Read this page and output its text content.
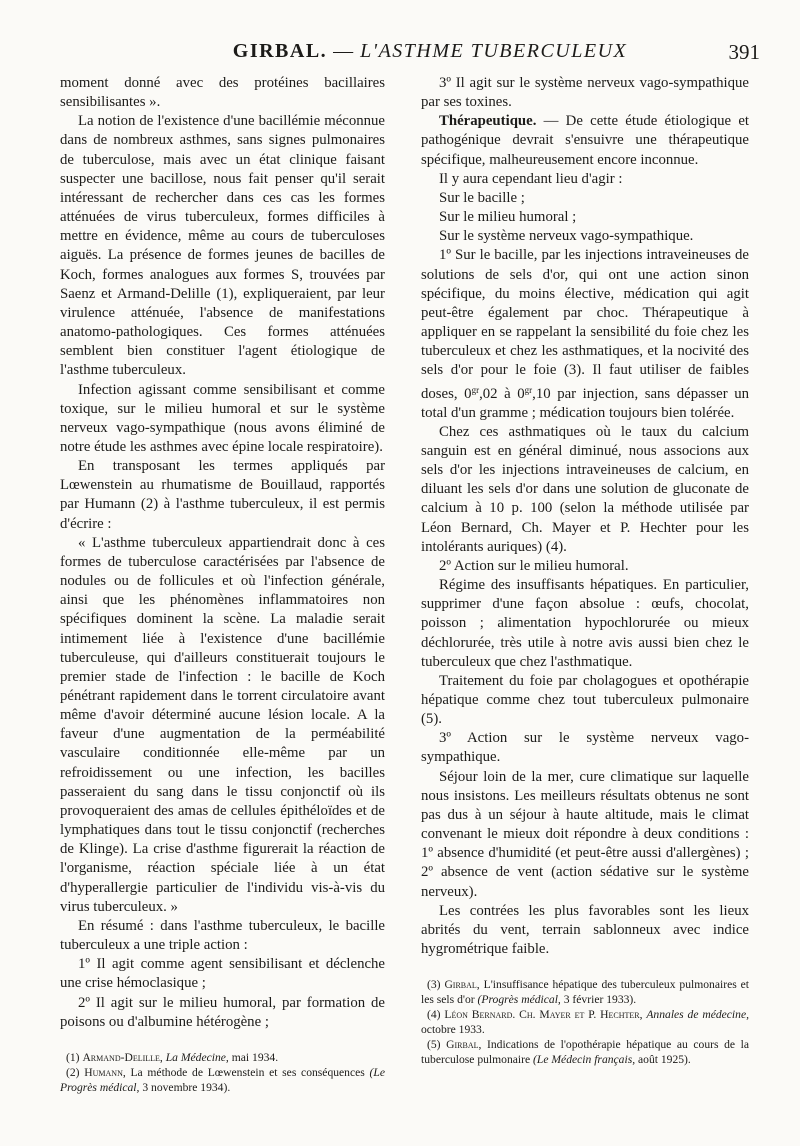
GIRBAL. — L'ASTHME TUBERCULEUX	391

moment donné avec des protéines bacillaires sensibilisantes ».

La notion de l'existence d'une bacillémie méconnue dans de nombreux asthmes, sans signes pulmonaires de tuberculose, mais avec un état clinique faisant suspecter une bacillose, nous fait penser qu'il serait intéressant de rechercher dans ces cas les formes atténuées de virus tuberculeux, formes difficiles à mettre en évidence, même au cours de tuberculoses aiguës. La présence de formes jeunes de bacilles de Koch, formes analogues aux formes S, trouvées par Saenz et Armand-Delille (1), expliqueraient, par leur virulence atténuée, l'absence de manifestations anatomo-pathologiques. Ces formes atténuées semblent bien constituer l'agent étiologique de l'asthme tuberculeux.

Infection agissant comme sensibilisant et comme toxique, sur le milieu humoral et sur le système nerveux vago-sympathique (nous avons éliminé de notre étude les asthmes avec épine locale respiratoire).

En transposant les termes appliqués par Lœwenstein au rhumatisme de Bouillaud, rapportés par Humann (2) à l'asthme tuberculeux, il est permis d'écrire :

« L'asthme tuberculeux appartiendrait donc à ces formes de tuberculose caractérisées par l'absence de nodules ou de follicules et où l'infection générale, ainsi que les phénomènes inflammatoires non spécifiques dominent la scène. La maladie serait intimement liée à l'existence d'une bacillémie tuberculeuse, qui d'ailleurs constituerait toujours le premier stade de l'infection : le bacille de Koch pénétrant rapidement dans le torrent circulatoire avant même d'avoir déterminé aucune lésion locale. A la faveur d'une augmentation de la perméabilité vasculaire conditionnée elle-même par un refroidissement ou une infection, les bacilles passeraient du sang dans le tissu conjonctif où ils provoqueraient des amas de cellules épithéloïdes et de lymphatiques dans tout le tissu conjonctif (recherches de Klinge). La crise d'asthme figurerait la réaction de l'organisme, réaction spéciale liée à un état d'hyperallergie particulier de l'individu vis-à-vis du virus tuberculeux. »

En résumé : dans l'asthme tuberculeux, le bacille tuberculeux a une triple action :

1º Il agit comme agent sensibilisant et déclenche une crise hémoclasique ;

2º Il agit sur le milieu humoral, par formation de poisons ou d'albumine hétérogène ;

(1) Armand-Delille, La Médecine, mai 1934.

(2) Humann, La méthode de Lœwenstein et ses conséquences (Le Progrès médical, 3 novembre 1934).

3º Il agit sur le système nerveux vago-sympathique par ses toxines.

Thérapeutique. — De cette étude étiologique et pathogénique devrait s'ensuivre une thérapeutique spécifique, malheureusement encore inconnue.

Il y aura cependant lieu d'agir :

Sur le bacille ;

Sur le milieu humoral ;

Sur le système nerveux vago-sympathique.

1º Sur le bacille, par les injections intraveineuses de solutions de sels d'or, qui ont une action sinon spécifique, du moins élective, médication qui agit peut-être également par choc. Thérapeutique à appliquer en se rappelant la sensibilité du foie chez les tuberculeux et chez les asthmatiques, et la nocivité des sels d'or pour le foie (3). Il faut utiliser de faibles doses, $0^{gr},02$ à $0^{gr},10$ par injection, sans dépasser un total d'un gramme ; médication toujours bien tolérée.

Chez ces asthmatiques où le taux du calcium sanguin est en général diminué, nous associons aux sels d'or les injections intraveineuses de calcium, en diluant les sels d'or dans une solution de gluconate de calcium à 10 p. 100 (selon la méthode utilisée par Léon Bernard, Ch. Mayer et P. Hechter pour les intolérants auriques) (4).

2º Action sur le milieu humoral.

Régime des insuffisants hépatiques. En particulier, supprimer d'une façon absolue : œufs, chocolat, poisson ; alimentation hypochlorurée ou mieux déchlorurée, très utile à notre avis aussi bien chez le tuberculeux que chez l'asthmatique.

Traitement du foie par cholagogues et opothérapie hépatique comme chez tout tuberculeux pulmonaire (5).

3º Action sur le système nerveux vago-sympathique.

Séjour loin de la mer, cure climatique sur laquelle nous insistons. Les meilleurs résultats obtenus ne sont pas dus à un séjour à haute altitude, mais le climat convenant le mieux doit répondre à deux conditions : 1º absence d'humidité (et peut-être aussi d'allergènes) ; 2º absence de vent (action sédative sur le système nerveux).

Les contrées les plus favorables sont les lieux abrités du vent, terrain sablonneux avec indice hygrométrique faible.

(3) Girbal, L'insuffisance hépatique des tuberculeux pulmonaires et les sels d'or (Progrès médical, 3 février 1933).

(4) Léon Bernard. Ch. Mayer et P. Hechter, Annales de médecine, octobre 1933.

(5) Girbal, Indications de l'opothérapie hépatique au cours de la tuberculose pulmonaire (Le Médecin français, août 1925).
